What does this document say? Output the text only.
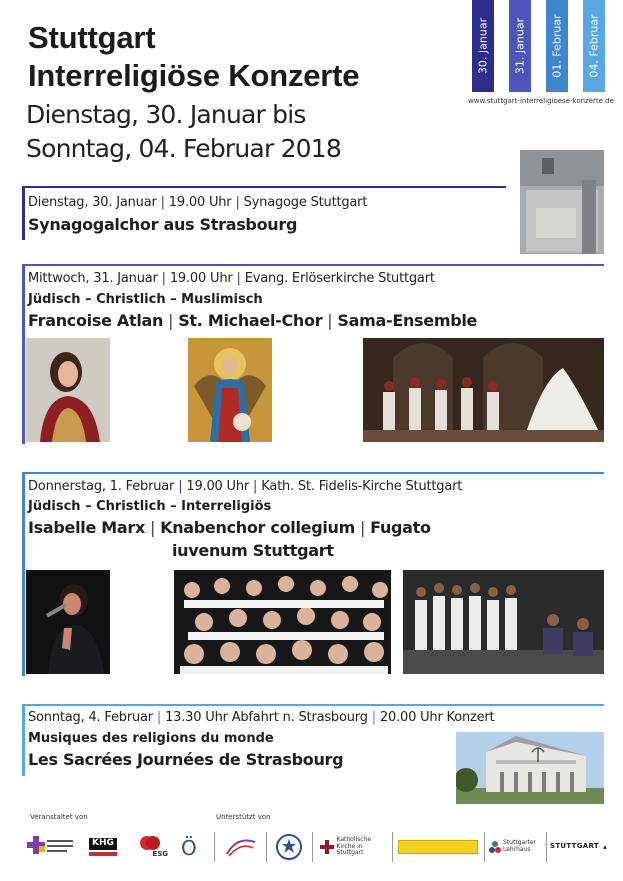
Stuttgart
Interreligiöse Konzerte
Dienstag, 30. Januar bis
Sonntag, 04. Februar 2018
30. Januar 31. Januar 01. Februar 04. Februar
www.stuttgart-interreligioese-konzerte.de
Dienstag, 30. Januar | 19.00 Uhr | Synagoge Stuttgart
Synagogalchor aus Strasbourg
Mittwoch, 31. Januar | 19.00 Uhr | Evang. Erlöserkirche Stuttgart
Jüdisch – Christlich – Muslimisch
Francoise Atlan | St. Michael-Chor | Sama-Ensemble
Donnerstag, 1. Februar | 19.00 Uhr | Kath. St. Fidelis-Kirche Stuttgart
Jüdisch – Christlich – Interreligiös
Isabelle Marx | Knabenchor collegium | Fugato
iuvenum Stuttgart
Sonntag, 4. Februar | 13.30 Uhr Abfahrt n. Strasbourg | 20.00 Uhr Konzert
Musiques des religions du monde
Les Sacrées Journées de Strasbourg
Veranstaltet von	Unterstützt von
KHG
ESG Ö	Katholische Kirche in Stuttgart
Stuttgarter Lehrhaus	STUTTGART
